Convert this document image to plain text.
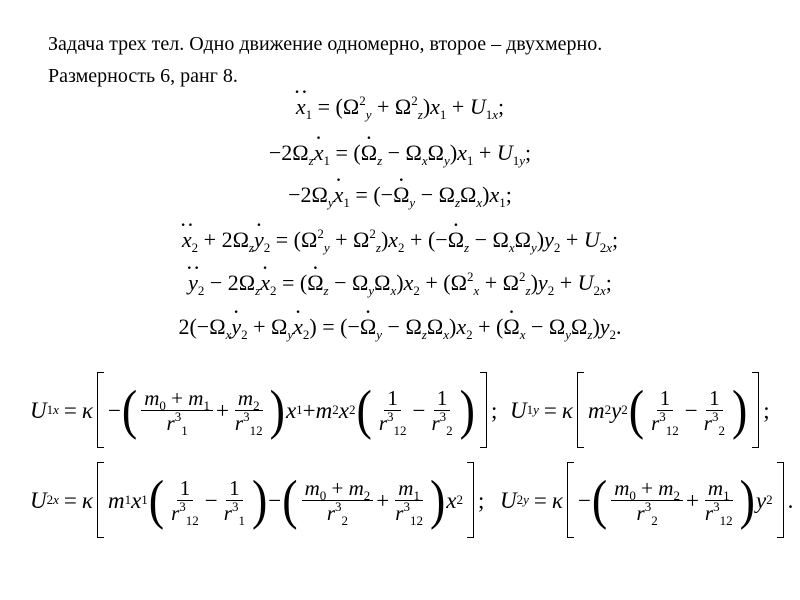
Задача трех тел. Одно движение одномерно, второе – двухмерно.
Размерность 6, ранг 8.
·· $x_1 = (\Omega^2_y + \Omega^2_z)x_1 + U_{1x}$;
$-2\Omega_z\cdot x_1$ = (· $\Omega_z - \Omega_x\Omega_y)x_1 + U_{1y}$;
$-2\Omega_y\cdot x_1$ = (−· $\Omega_y - \Omega_z\Omega_x)x_1$;
·· $x_2 + 2\Omega_z\cdot y_2 = (\Omega^2_y + \Omega^2_z)x_2$ + (−· $\Omega_z - \Omega_x\Omega_y)y_2 + U_{2x}$;
·· $y_2 - 2\Omega_z\cdot x_2$ = (· $\Omega_z - \Omega_y\Omega_x)x_2 + (\Omega^2_x + \Omega^2_z)y_2 + U_{2x}$;
$2(-\Omega_x\cdot y_2 + \Omega_y\cdot x_2)$ = (−· $\Omega_y - \Omega_z\Omega_x)x_2$ + (· $\Omega_x - \Omega_y\Omega_z)y_2$.
U 1x = κ − ( $\frac{m_0 + m_1}{r^3_1} + \frac{m_2}{r^3_{12}}$ ) x 1 + m 2 x 2 ( $\frac{1}{r^3_{12}} - \frac{1}{r^3_2}$ ) ; U 1y = κ m 2 y 2 ( $\frac{1}{r^3_{12}} - \frac{1}{r^3_2}$ ) ;
U 2x = κ m 1 x 1 ( $\frac{1}{r^3_{12}} - \frac{1}{r^3_1}$ ) − ( $\frac{m_0 + m_2}{r^3_2} + \frac{m_1}{r^3_{12}}$ ) x 2 ; U 2y = κ − ( $\frac{m_0 + m_2}{r^3_2} + \frac{m_1}{r^3_{12}}$ ) y 2 .
